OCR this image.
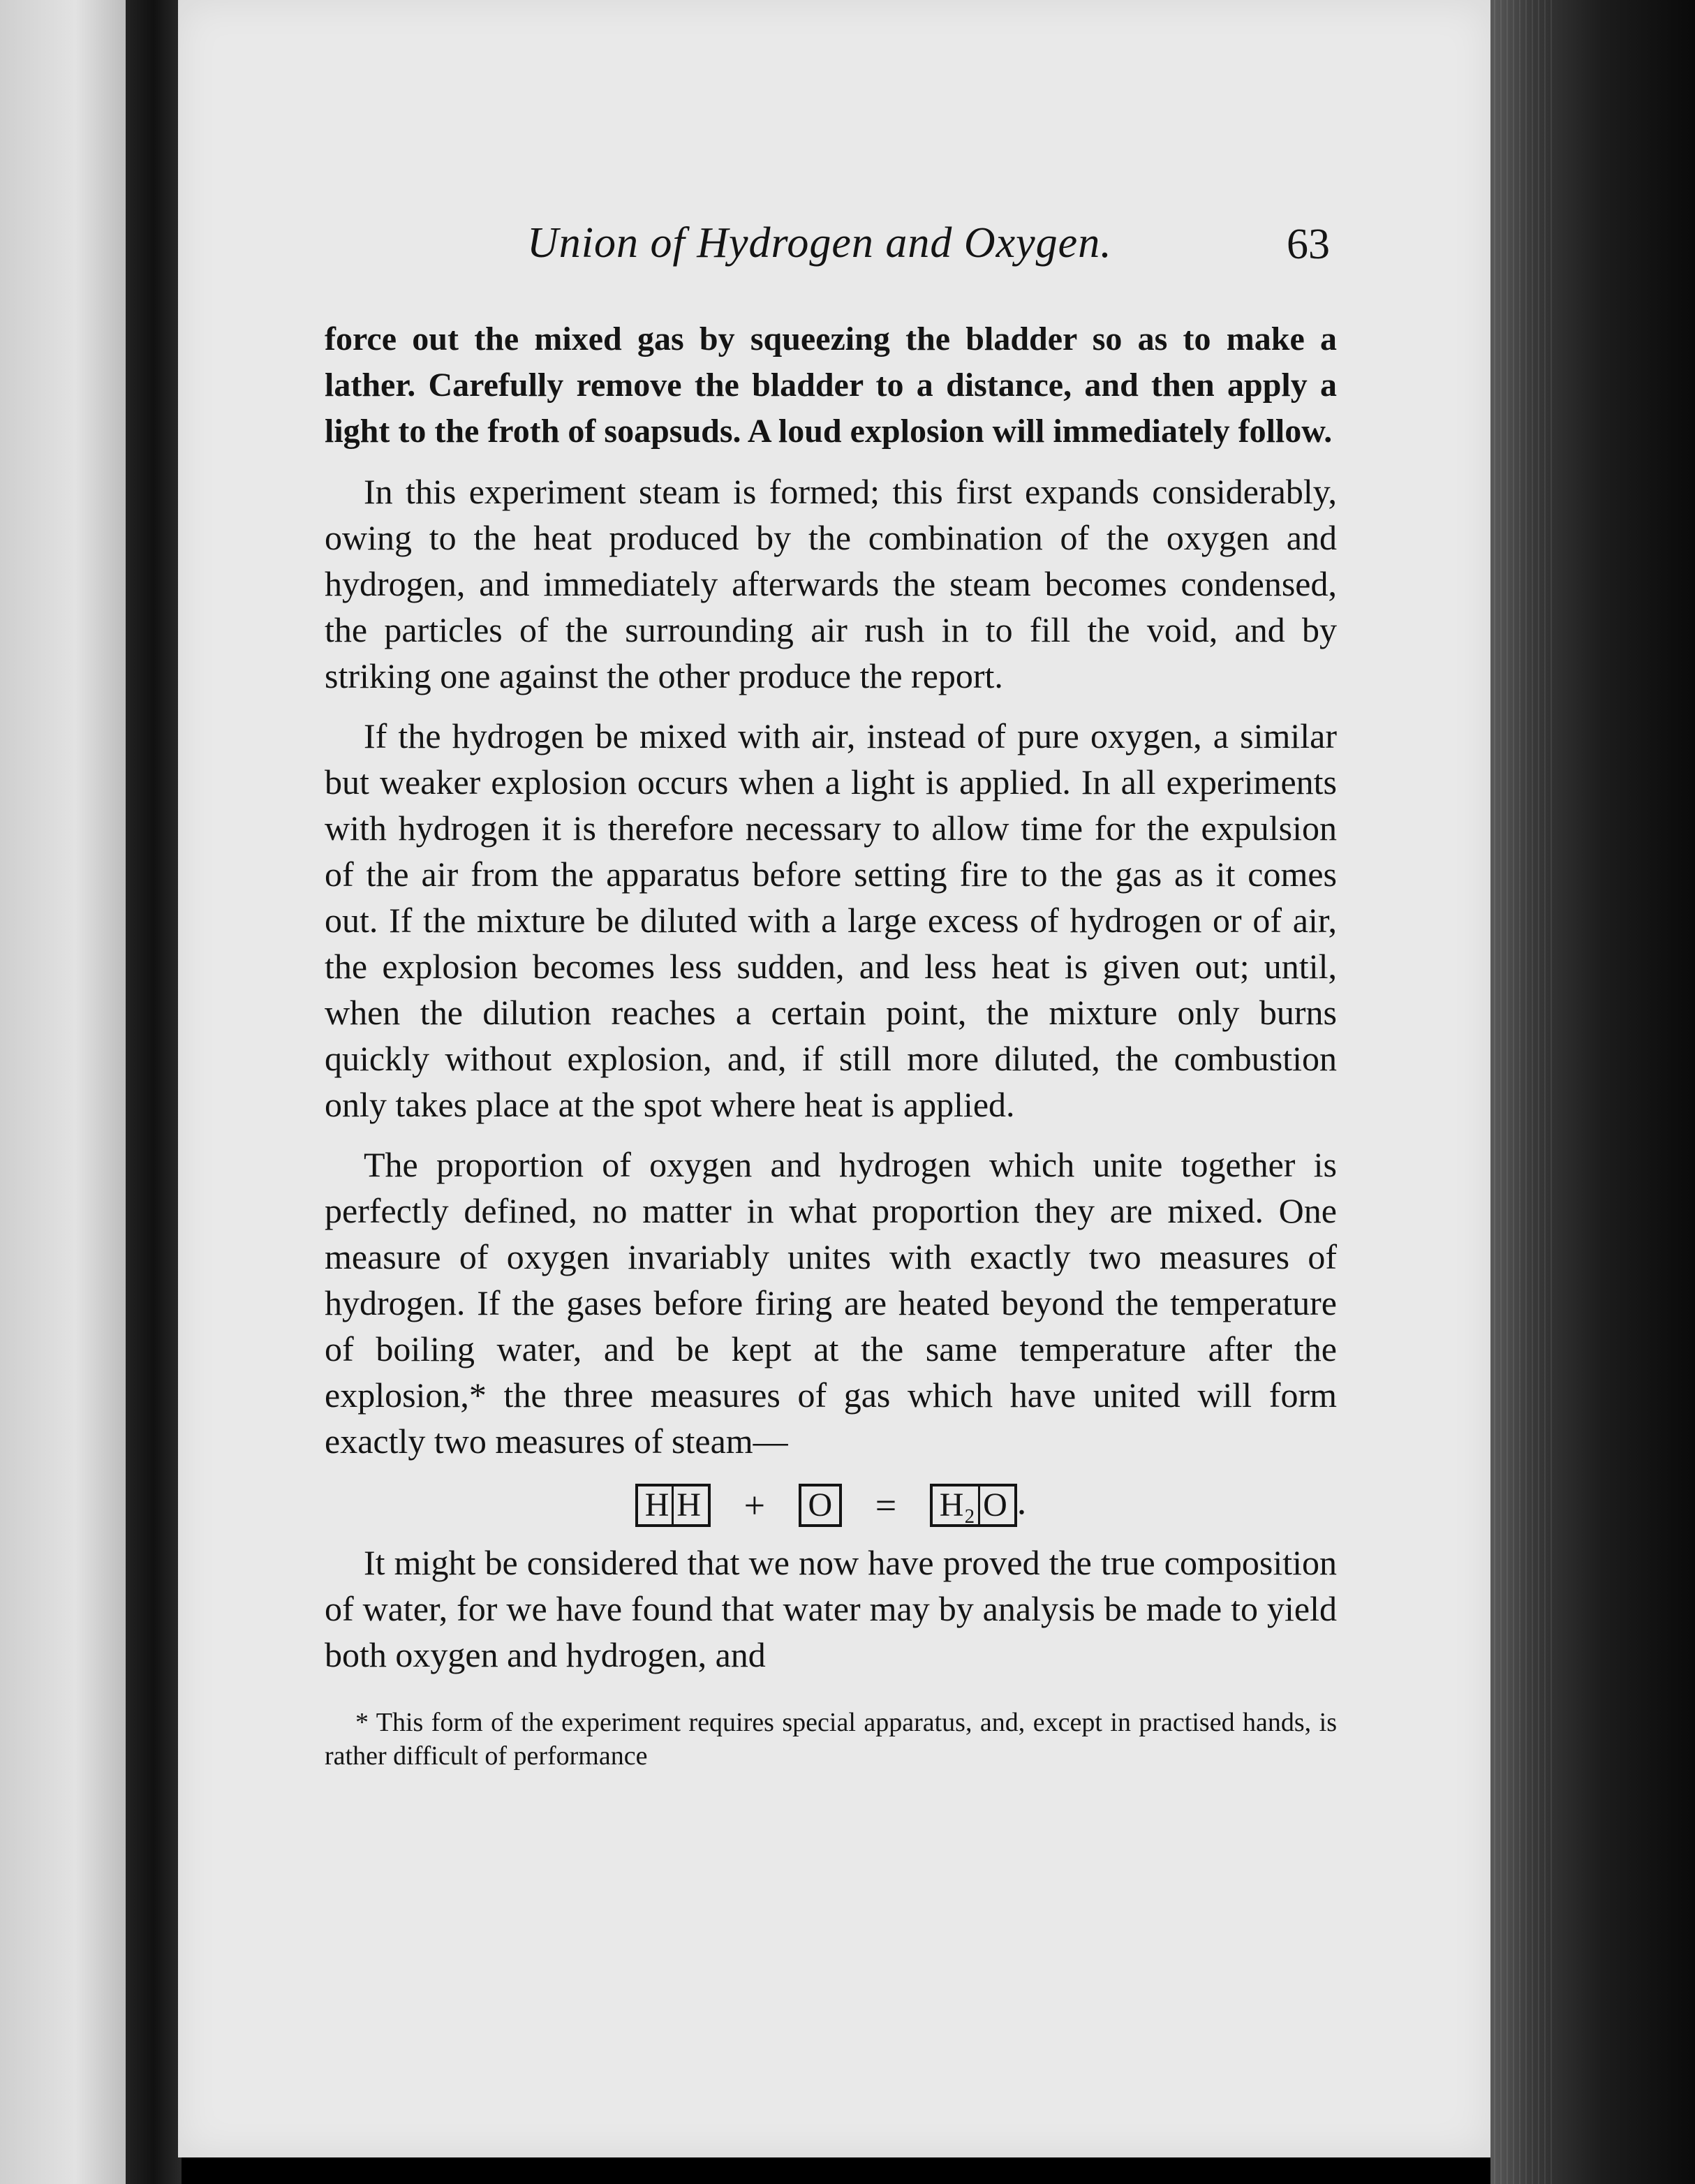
Union of Hydrogen and Oxygen.	63

force out the mixed gas by squeezing the bladder so as to make a lather. Carefully remove the bladder to a distance, and then apply a light to the froth of soapsuds. A loud explosion will immediately follow.

In this experiment steam is formed; this first expands considerably, owing to the heat produced by the combination of the oxygen and hydrogen, and immediately afterwards the steam becomes condensed, the particles of the surrounding air rush in to fill the void, and by striking one against the other produce the report.

If the hydrogen be mixed with air, instead of pure oxygen, a similar but weaker explosion occurs when a light is applied. In all experiments with hydrogen it is therefore necessary to allow time for the expulsion of the air from the apparatus before setting fire to the gas as it comes out. If the mixture be diluted with a large excess of hydrogen or of air, the explosion becomes less sudden, and less heat is given out; until, when the dilution reaches a certain point, the mixture only burns quickly without explosion, and, if still more diluted, the combustion only takes place at the spot where heat is applied.

The proportion of oxygen and hydrogen which unite together is perfectly defined, no matter in what proportion they are mixed. One measure of oxygen invariably unites with exactly two measures of hydrogen. If the gases before firing are heated beyond the temperature of boiling water, and be kept at the same temperature after the explosion,* the three measures of gas which have united will form exactly two measures of steam—

H H + O = H₂ O .

It might be considered that we now have proved the true composition of water, for we have found that water may by analysis be made to yield both oxygen and hydrogen, and

* This form of the experiment requires special apparatus, and, except in practised hands, is rather difficult of performance
